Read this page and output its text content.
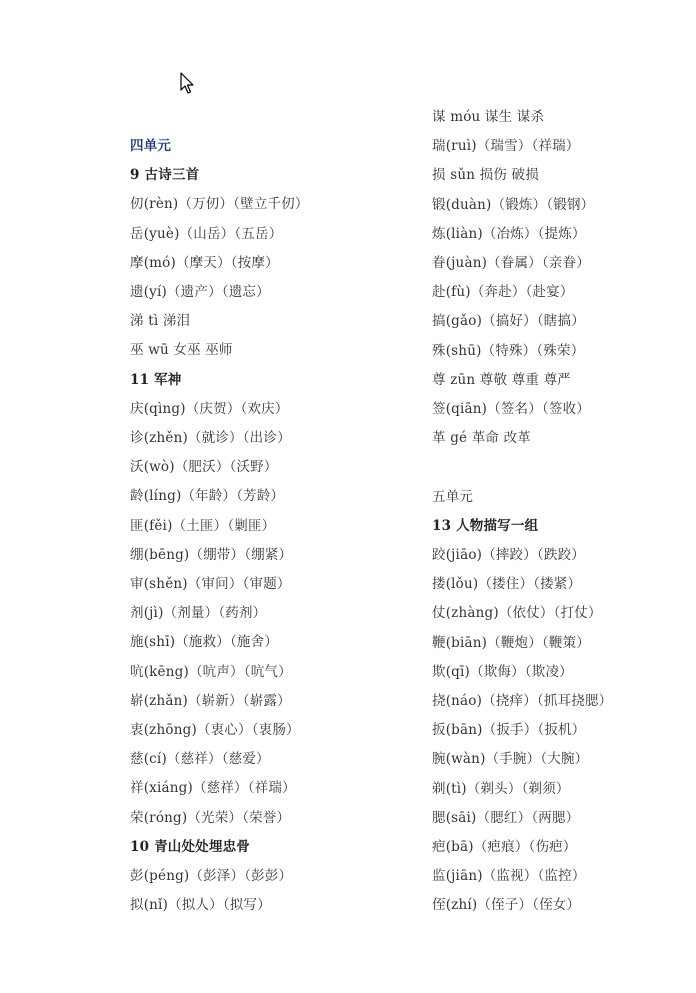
四单元
9 古诗三首
仞(rèn)（万仞）（壁立千仞）
岳(yuè)（山岳）（五岳）
摩(mó)（摩天）（按摩）
遗(yí)（遗产）（遗忘）
涕 tì 涕泪
巫 wū 女巫 巫师
11 军神
庆(qìng)（庆贺）（欢庆）
诊(zhěn)（就诊）（出诊）
沃(wò)（肥沃）（沃野）
龄(líng)（年龄）（芳龄）
匪(fěi)（土匪）（剿匪）
绷(bēng)（绷带）（绷紧）
审(shěn)（审问）（审题）
剂(jì)（剂量）（药剂）
施(shī)（施救）（施舍）
吭(kēng)（吭声）（吭气）
崭(zhǎn)（崭新）（崭露）
衷(zhōng)（衷心）（衷肠）
慈(cí)（慈祥）（慈爱）
祥(xiáng)（慈祥）（祥瑞）
荣(róng)（光荣）（荣誉）
10 青山处处埋忠骨
彭(péng)（彭泽）（彭彭）
拟(nǐ)（拟人）（拟写）
谋 móu 谋生 谋杀
瑞(ruì)（瑞雪）（祥瑞）
损 sǔn 损伤 破损
锻(duàn)（锻炼）（锻钢）
炼(liàn)（冶炼）（提炼）
眷(juàn)（眷属）（亲眷）
赴(fù)（奔赴）（赴宴）
搞(gǎo)（搞好）（瞎搞）
殊(shū)（特殊）（殊荣）
尊 zūn 尊敬 尊重 尊严
签(qiān)（签名）（签收）
革 gé 革命 改革
五单元
13 人物描写一组
跤(jiāo)（摔跤）（跌跤）
搂(lǒu)（搂住）（搂紧）
仗(zhàng)（依仗）（打仗）
鞭(biān)（鞭炮）（鞭策）
欺(qī)（欺侮）（欺凌）
挠(náo)（挠痒）（抓耳挠腮）
扳(bān)（扳手）（扳机）
腕(wàn)（手腕）（大腕）
剃(tì)（剃头）（剃须）
腮(sāi)（腮红）（两腮）
疤(bā)（疤痕）（伤疤）
监(jiān)（监视）（监控）
侄(zhí)（侄子）（侄女）
